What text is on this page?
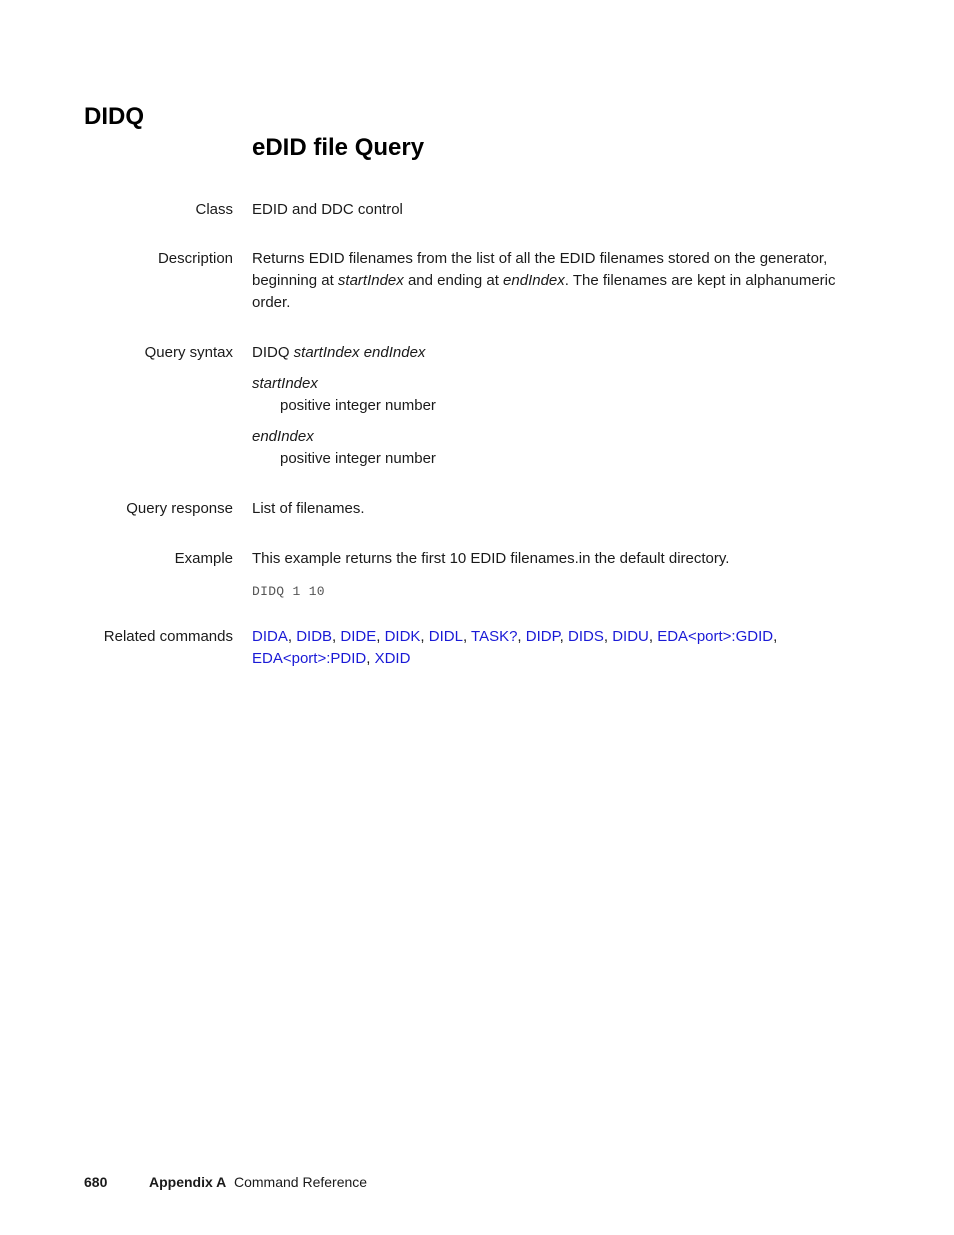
DIDQ
eDID file Query
Class EDID and DDC control
Description Returns EDID filenames from the list of all the EDID filenames stored on the generator, beginning at startIndex and ending at endIndex. The filenames are kept in alphanumeric order.
Query syntax DIDQ startIndex endIndex
startIndex
positive integer number
endIndex
positive integer number
Query response List of filenames.
Example This example returns the first 10 EDID filenames.in the default directory.
DIDQ 1 10
Related commands DIDA, DIDB, DIDE, DIDK, DIDL, TASK?, DIDP, DIDS, DIDU, EDA<port>:GDID,
EDA<port>:PDID, XDID
680	Appendix A Command Reference
